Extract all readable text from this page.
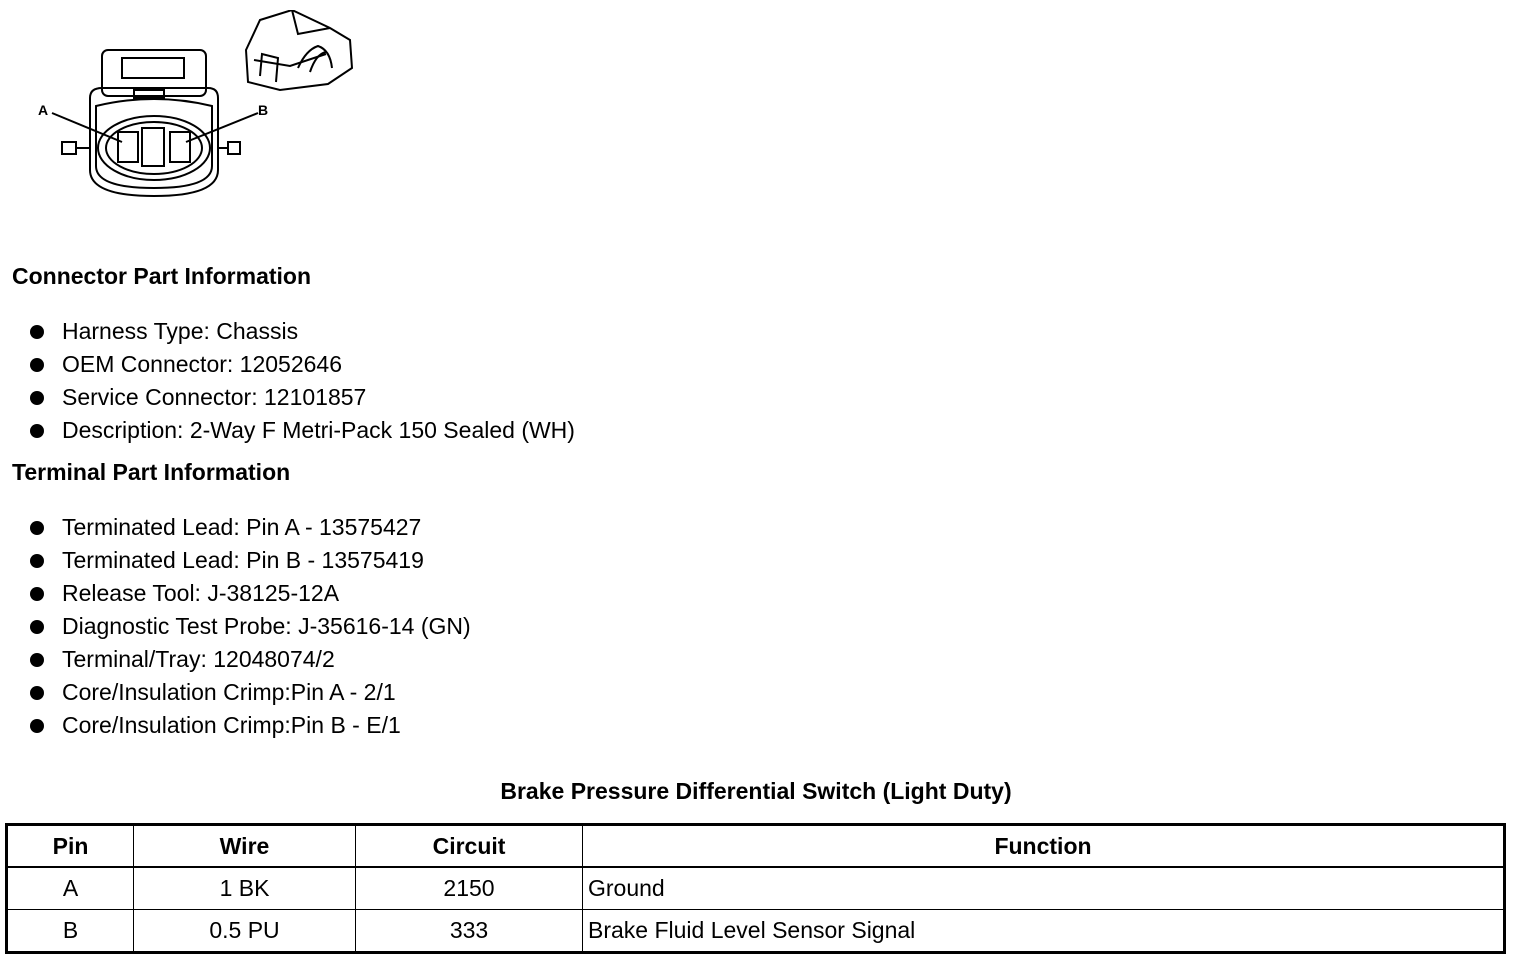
A	B
Connector Part Information
Harness Type: Chassis
OEM Connector: 12052646
Service Connector: 12101857
Description: 2-Way F Metri-Pack 150 Sealed (WH)
Terminal Part Information
Terminated Lead: Pin A - 13575427
Terminated Lead: Pin B - 13575419
Release Tool: J-38125-12A
Diagnostic Test Probe: J-35616-14 (GN)
Terminal/Tray: 12048074/2
Core/Insulation Crimp:Pin A - 2/1
Core/Insulation Crimp:Pin B - E/1
Brake Pressure Differential Switch (Light Duty)
Pin	Wire	Circuit	Function
A	1 BK	2150	Ground
B	0.5 PU	333	Brake Fluid Level Sensor Signal
